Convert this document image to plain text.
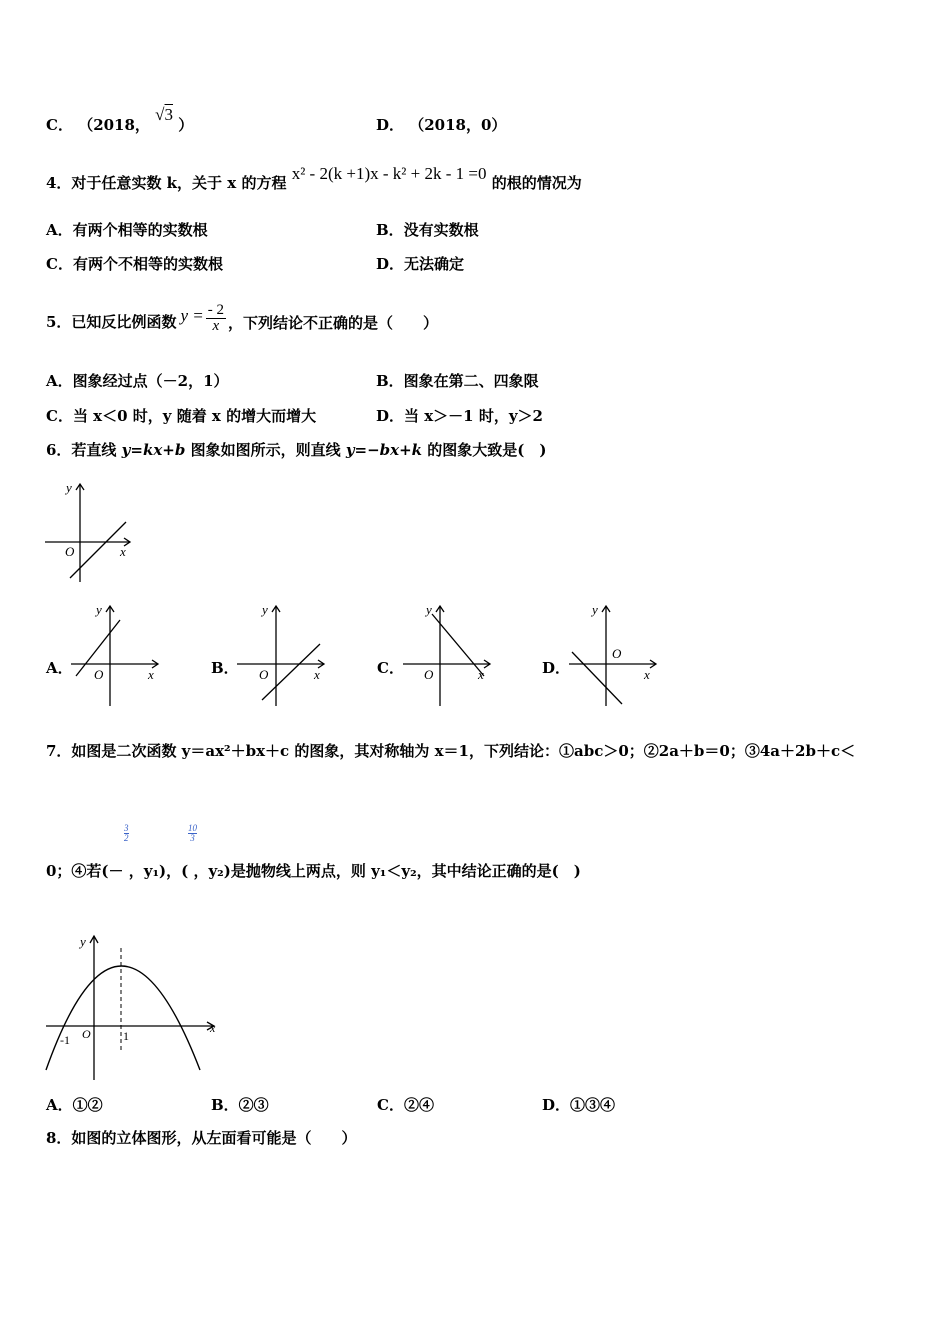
C． （2018， √3 ）	D． （2018，0）
4．对于任意实数 k，关于 x 的方程 x² - 2(k +1)x - k² + 2k - 1 =0 的根的情况为
A．有两个相等的实数根	B．没有实数根
C．有两个不相等的实数根	D．无法确定
5．已知反比例函数 $y = \frac{- 2}{x}$ ，下列结论不正确的是（　　）
A．图象经过点（－2，1）	B．图象在第二、四象限
C．当 x＜0 时，y 随着 x 的增大而增大	D．当 x＞－1 时，y＞2
6．若直线 y=kx+b 图象如图所示，则直线 y=−bx+k 的图象大致是(　)
y
x
O
A．
y
x
O	B．
y
x
O	C．
y
x
O	D．
y
x
O
7．如图是二次函数 y＝ax²＋bx＋c 的图象，其对称轴为 x＝1，下列结论：①abc＞0；②2a＋b＝0；③4a＋2b＋c＜
$\frac{3}{2}$	$\frac{10}{3}$
0；④若(－ ，y₁)，( ，y₂)是抛物线上两点，则 y₁＜y₂，其中结论正确的是(　)
y
x
O
-1	1
A．①②	B．②③	C．②④	D．①③④
8．如图的立体图形，从左面看可能是（　　）
